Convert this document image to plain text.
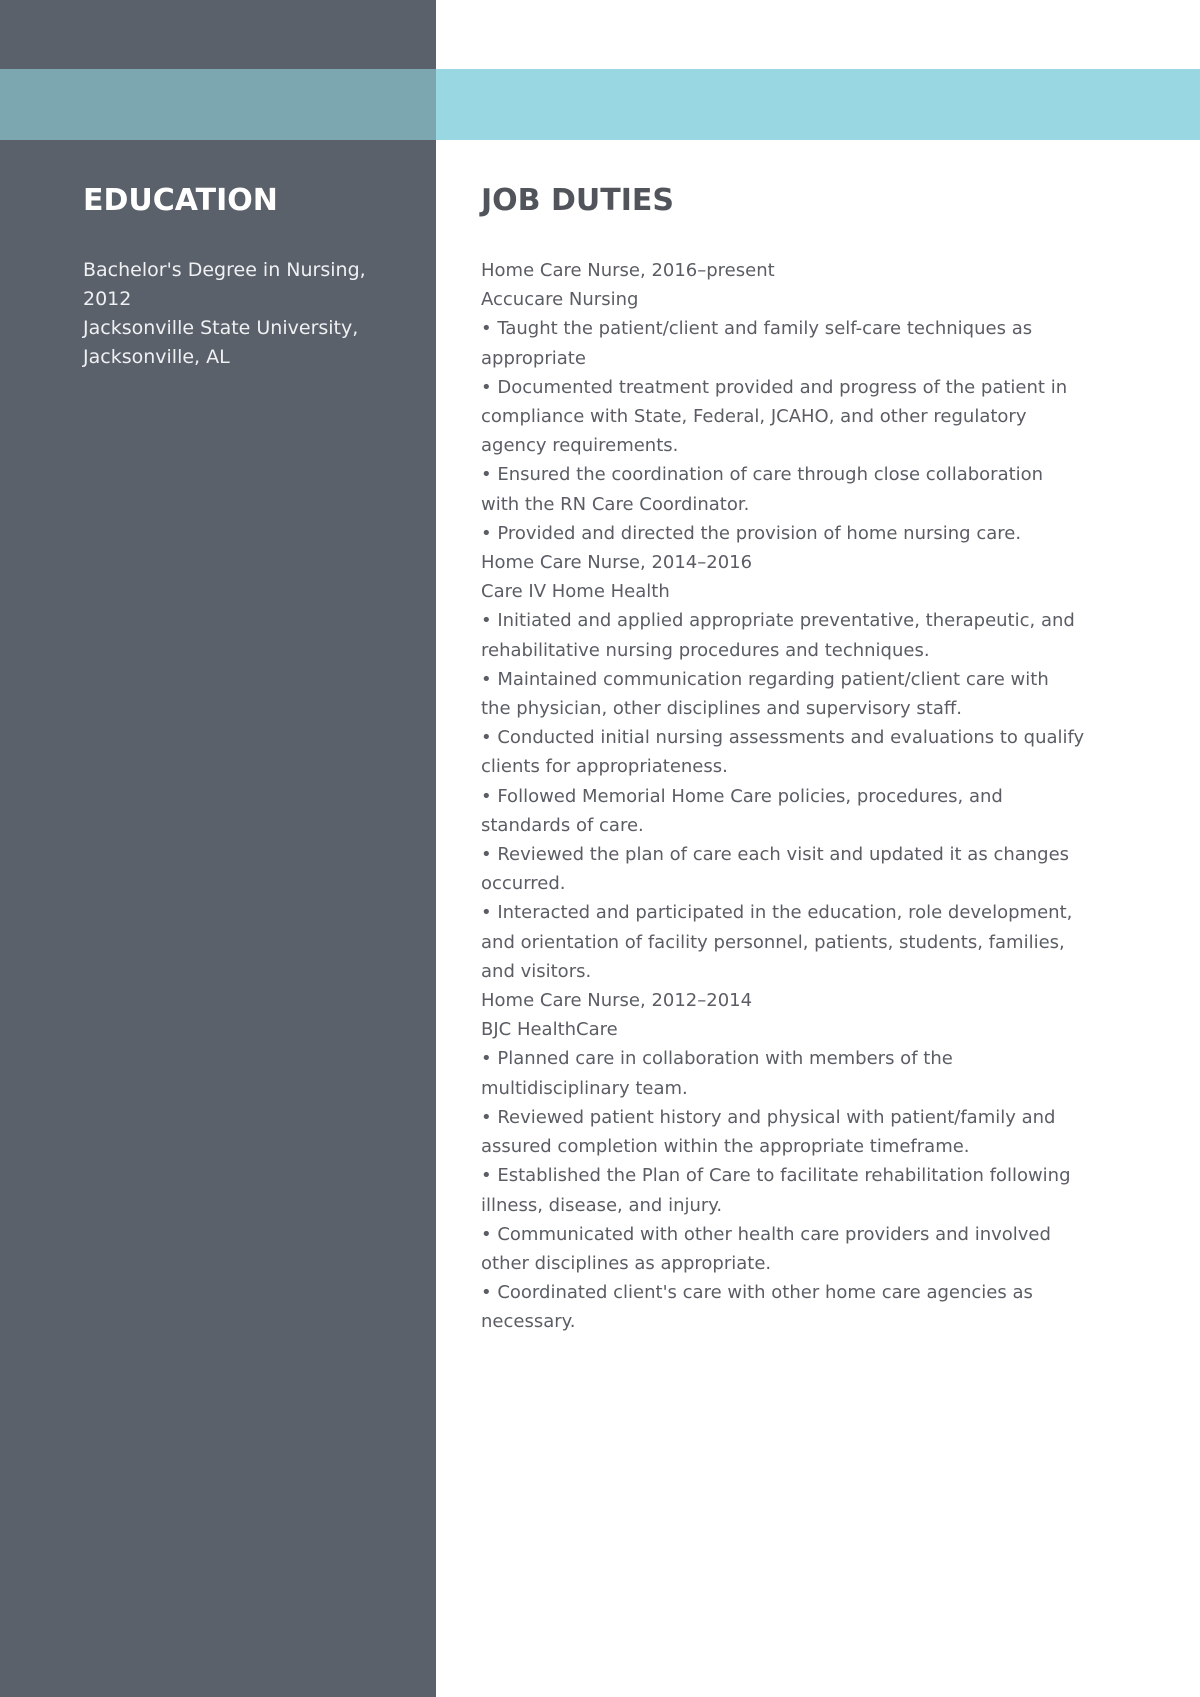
EDUCATION
Bachelor's Degree in Nursing,
2012
Jacksonville State University,
Jacksonville, AL
JOB DUTIES
Home Care Nurse, 2016–present
Accucare Nursing
• Taught the patient/client and family self-care techniques as
appropriate
• Documented treatment provided and progress of the patient in
compliance with State, Federal, JCAHO, and other regulatory
agency requirements.
• Ensured the coordination of care through close collaboration
with the RN Care Coordinator.
• Provided and directed the provision of home nursing care.
Home Care Nurse, 2014–2016
Care IV Home Health
• Initiated and applied appropriate preventative, therapeutic, and
rehabilitative nursing procedures and techniques.
• Maintained communication regarding patient/client care with
the physician, other disciplines and supervisory staff.
• Conducted initial nursing assessments and evaluations to qualify
clients for appropriateness.
• Followed Memorial Home Care policies, procedures, and
standards of care.
• Reviewed the plan of care each visit and updated it as changes
occurred.
• Interacted and participated in the education, role development,
and orientation of facility personnel, patients, students, families,
and visitors.
Home Care Nurse, 2012–2014
BJC HealthCare
• Planned care in collaboration with members of the
multidisciplinary team.
• Reviewed patient history and physical with patient/family and
assured completion within the appropriate timeframe.
• Established the Plan of Care to facilitate rehabilitation following
illness, disease, and injury.
• Communicated with other health care providers and involved
other disciplines as appropriate.
• Coordinated client's care with other home care agencies as
necessary.
